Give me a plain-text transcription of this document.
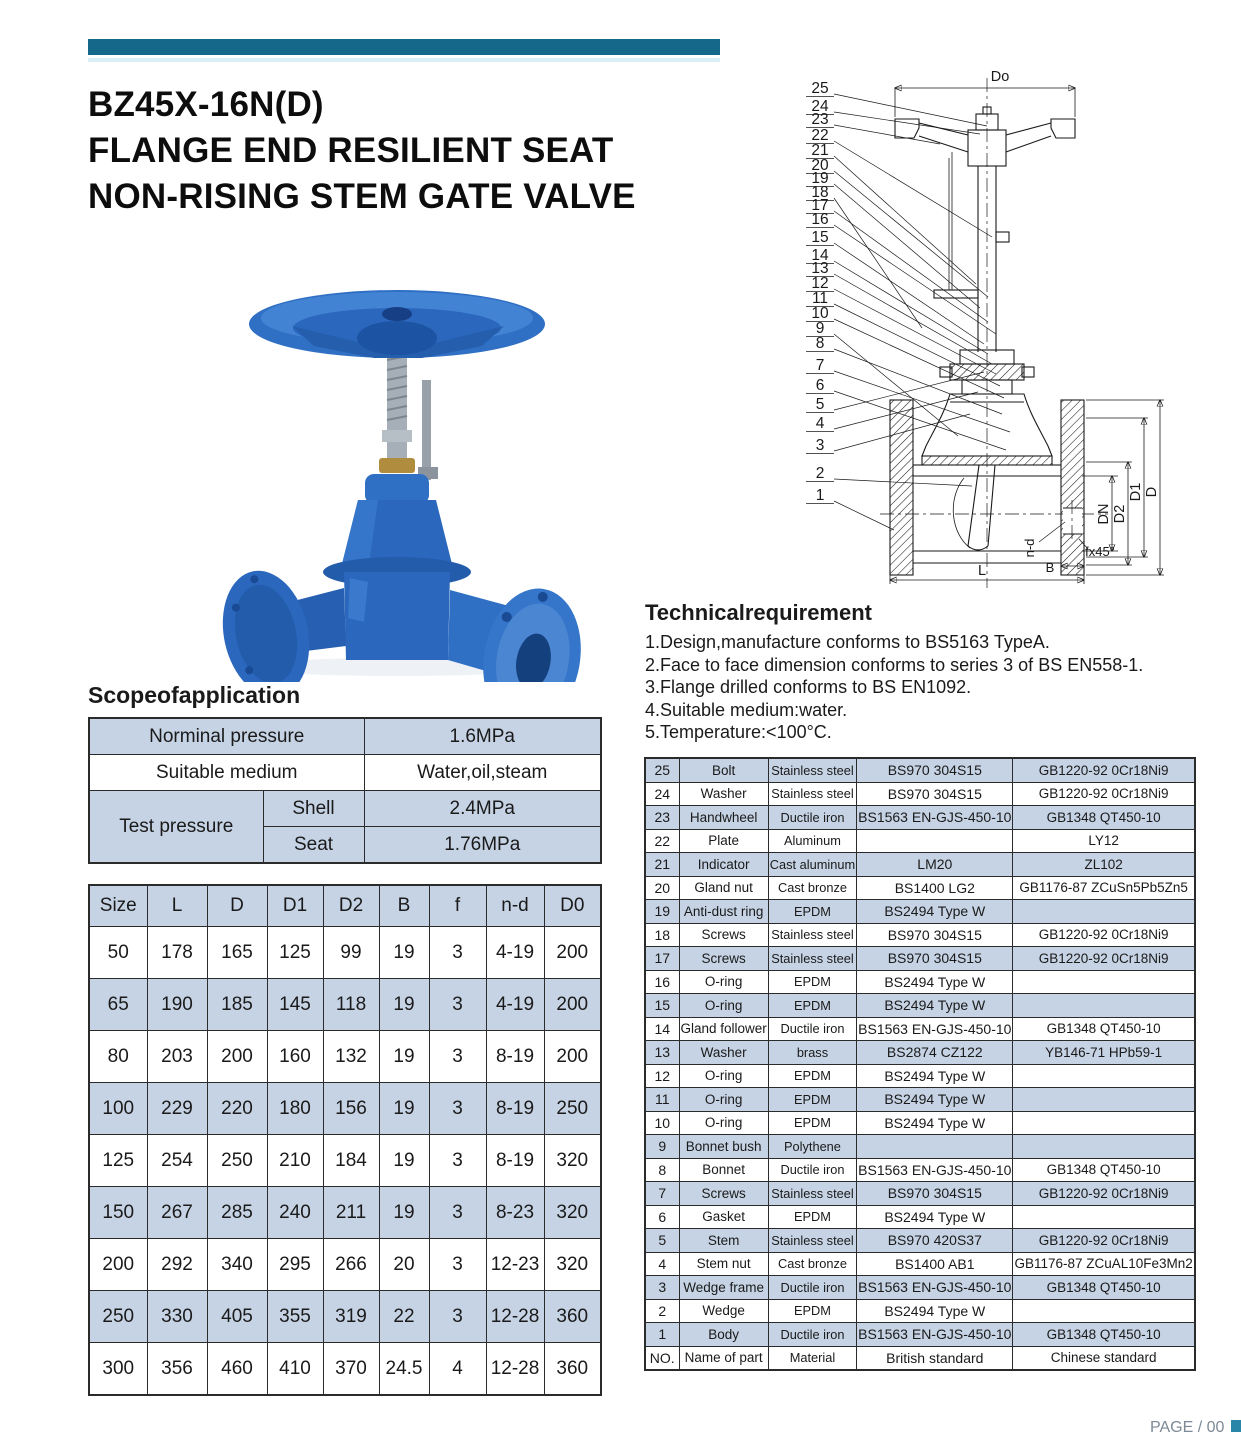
BZ45X-16N(D)
FLANGE END RESILIENT SEAT
NON-RISING STEM GATE VALVE
Scopeofapplication
Norminal pressure		1.6MPa
Suitable medium		Water,oil,steam
Test pressure	Shell	2.4MPa
	Seat	1.76MPa
Size	L	D	D1	D2	B	f	n-d	D0
50	178	165	125	99	19	3	4-19	200
65	190	185	145	118	19	3	4-19	200
80	203	200	160	132	19	3	8-19	200
100	229	220	180	156	19	3	8-19	250
125	254	250	210	184	19	3	8-19	320
150	267	285	240	211	19	3	8-23	320
200	292	340	295	266	20	3	12-23	320
250	330	405	355	319	22	3	12-28	360
300	356	460	410	370	24.5	4	12-28	360
Do
DN D2
D1 D
L	B
n-d	fx45°
25
24
23
22
21
20
19
18
17
16
15
14
13
12
11
10
9
8
7
6
5
4
3
2
1
Technicalrequirement
1.Design,manufacture conforms to BS5163 TypeA.
2.Face to face dimension conforms to series 3 of BS EN558-1.
3.Flange drilled conforms to BS EN1092.
4.Suitable medium:water.
5.Temperature:<100°C.
25	Bolt	Stainless steel	BS970 304S15	GB1220-92 0Cr18Ni9
24	Washer	Stainless steel	BS970 304S15	GB1220-92 0Cr18Ni9
23	Handwheel	Ductile iron	BS1563 EN-GJS-450-10	GB1348 QT450-10
22	Plate	Aluminum		LY12
21	Indicator	Cast aluminum	LM20	ZL102
20	Gland nut	Cast bronze	BS1400 LG2	GB1176-87 ZCuSn5Pb5Zn5
19	Anti-dust ring	EPDM	BS2494 Type W	
18	Screws	Stainless steel	BS970 304S15	GB1220-92 0Cr18Ni9
17	Screws	Stainless steel	BS970 304S15	GB1220-92 0Cr18Ni9
16	O-ring	EPDM	BS2494 Type W	
15	O-ring	EPDM	BS2494 Type W	
14	Gland follower	Ductile iron	BS1563 EN-GJS-450-10	GB1348 QT450-10
13	Washer	brass	BS2874 CZ122	YB146-71 HPb59-1
12	O-ring	EPDM	BS2494 Type W	
11	O-ring	EPDM	BS2494 Type W	
10	O-ring	EPDM	BS2494 Type W	
9	Bonnet bush	Polythene		
8	Bonnet	Ductile iron	BS1563 EN-GJS-450-10	GB1348 QT450-10
7	Screws	Stainless steel	BS970 304S15	GB1220-92 0Cr18Ni9
6	Gasket	EPDM	BS2494 Type W	
5	Stem	Stainless steel	BS970 420S37	GB1220-92 0Cr18Ni9
4	Stem nut	Cast bronze	BS1400 AB1	GB1176-87 ZCuAL10Fe3Mn2
3	Wedge frame	Ductile iron	BS1563 EN-GJS-450-10	GB1348 QT450-10
2	Wedge	EPDM	BS2494 Type W	
1	Body	Ductile iron	BS1563 EN-GJS-450-10	GB1348 QT450-10
NO.	Name of part	Material	British standard	Chinese standard
PAGE / 00
